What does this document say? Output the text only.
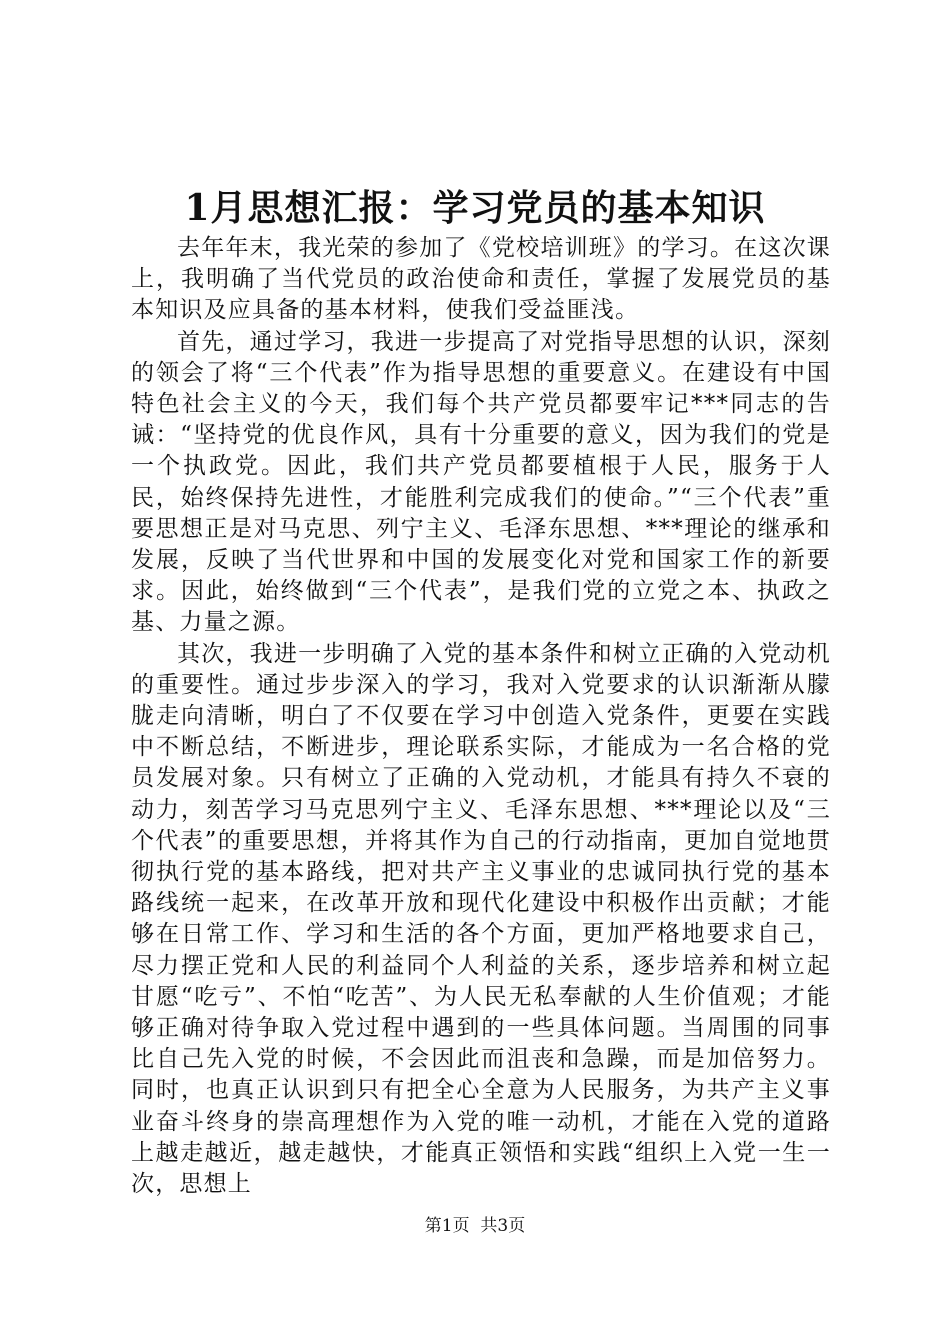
1月思想汇报：学习党员的基本知识

去年年末，我光荣的参加了《党校培训班》的学习。在这次课上，我明确了当代党员的政治使命和责任，掌握了发展党员的基本知识及应具备的基本材料，使我们受益匪浅。

首先，通过学习，我进一步提高了对党指导思想的认识，深刻的领会了将“三个代表”作为指导思想的重要意义。在建设有中国特色社会主义的今天，我们每个共产党员都要牢记***同志的告诫：“坚持党的优良作风，具有十分重要的意义，因为我们的党是一个执政党。因此，我们共产党员都要植根于人民，服务于人民，始终保持先进性，才能胜利完成我们的使命。”“三个代表”重要思想正是对马克思、列宁主义、毛泽东思想、***理论的继承和发展，反映了当代世界和中国的发展变化对党和国家工作的新要求。因此，始终做到“三个代表”，是我们党的立党之本、执政之基、力量之源。

其次，我进一步明确了入党的基本条件和树立正确的入党动机的重要性。通过步步深入的学习，我对入党要求的认识渐渐从朦胧走向清晰，明白了不仅要在学习中创造入党条件，更要在实践中不断总结，不断进步，理论联系实际，才能成为一名合格的党员发展对象。只有树立了正确的入党动机，才能具有持久不衰的动力，刻苦学习马克思列宁主义、毛泽东思想、***理论以及“三个代表”的重要思想，并将其作为自己的行动指南，更加自觉地贯彻执行党的基本路线，把对共产主义事业的忠诚同执行党的基本路线统一起来，在改革开放和现代化建设中积极作出贡献；才能够在日常工作、学习和生活的各个方面，更加严格地要求自己，尽力摆正党和人民的利益同个人利益的关系，逐步培养和树立起甘愿“吃亏”、不怕“吃苦”、为人民无私奉献的人生价值观；才能够正确对待争取入党过程中遇到的一些具体问题。当周围的同事比自己先入党的时候，不会因此而沮丧和急躁，而是加倍努力。同时，也真正认识到只有把全心全意为人民服务，为共产主义事业奋斗终身的崇高理想作为入党的唯一动机，才能在入党的道路上越走越近，越走越快，才能真正领悟和实践“组织上入党一生一次，思想上

第1页  共3页
